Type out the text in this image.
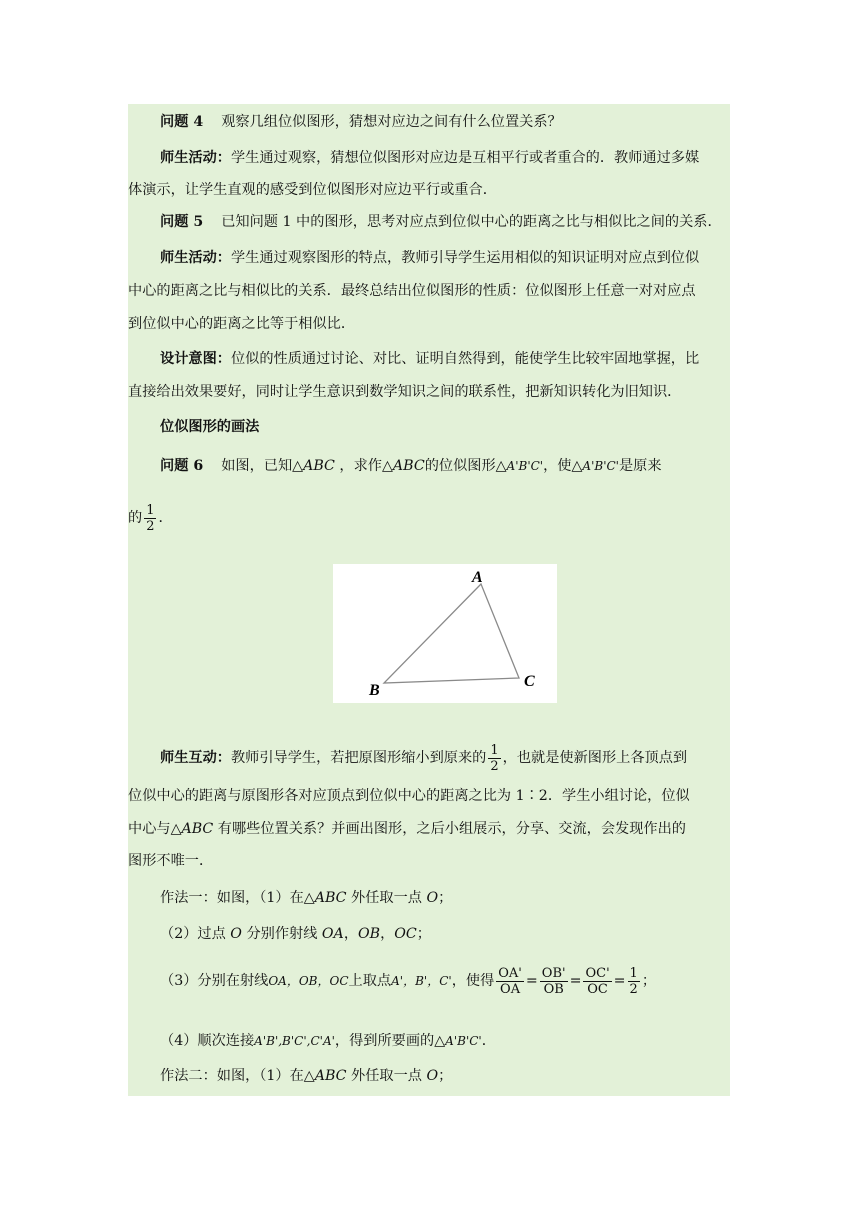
问题 4 观察几组位似图形，猜想对应边之间有什么位置关系？

师生活动：学生通过观察，猜想位似图形对应边是互相平行或者重合的．教师通过多媒

体演示，让学生直观的感受到位似图形对应边平行或重合．

问题 5 已知问题 1 中的图形，思考对应点到位似中心的距离之比与相似比之间的关系．

师生活动：学生通过观察图形的特点，教师引导学生运用相似的知识证明对应点到位似

中心的距离之比与相似比的关系．最终总结出位似图形的性质：位似图形上任意一对对应点

到位似中心的距离之比等于相似比．

设计意图：位似的性质通过讨论、对比、证明自然得到，能使学生比较牢固地掌握，比

直接给出效果要好，同时让学生意识到数学知识之间的联系性，把新知识转化为旧知识．

位似图形的画法

问题 6 如图，已知△ABC ，求作△ABC的位似图形△A'B'C'，使△A'B'C'是原来

的 $\frac{1}{2}$ ．

A
B
C

师生互动：教师引导学生，若把原图形缩小到原来的 $\frac{1}{2}$ ，也就是使新图形上各顶点到

位似中心的距离与原图形各对应顶点到位似中心的距离之比为 1∶2．学生小组讨论，位似

中心与△ABC 有哪些位置关系？并画出图形，之后小组展示，分享、交流，会发现作出的

图形不唯一．

作法一：如图，（1）在△ABC 外任取一点 O；

（2）过点 O 分别作射线 OA，OB，OC；

（3）分别在射线OA，OB，OC上取点A'，B'，C'，使得 $\frac{OA'}{OA} = \frac{OB'}{OB} = \frac{OC'}{OC} = \frac{1}{2}$ ；

（4）顺次连接A'B',B'C',C'A'，得到所要画的△A'B'C'．

作法二：如图，（1）在△ABC 外任取一点 O；
